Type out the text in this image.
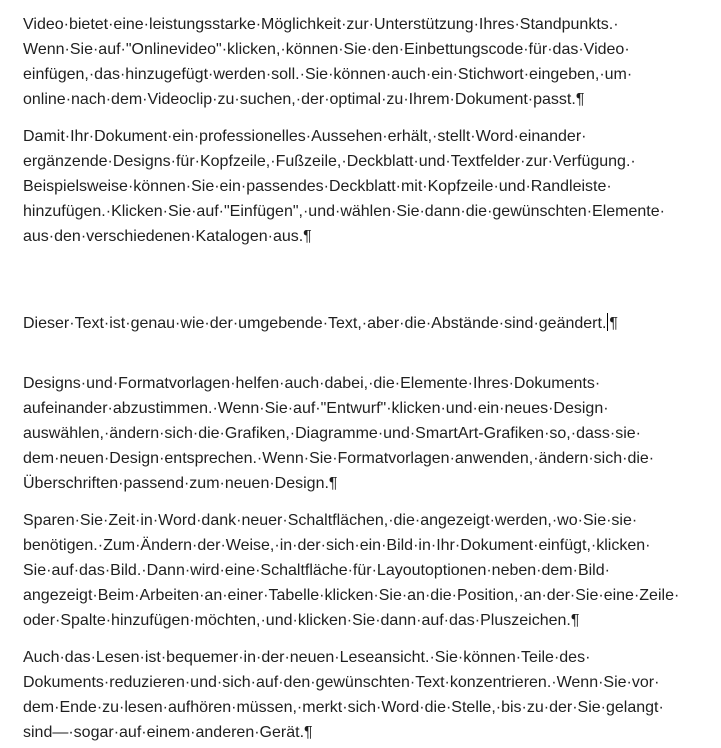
Video·bietet·eine·leistungsstarke·Möglichkeit·zur·Unterstützung·Ihres·Standpunkts.·
Wenn·Sie·auf·"Onlinevideo"·klicken,·können·Sie·den·Einbettungscode·für·das·Video·
einfügen,·das·hinzugefügt·werden·soll.·Sie·können·auch·ein·Stichwort·eingeben,·um·
online·nach·dem·Videoclip·zu·suchen,·der·optimal·zu·Ihrem·Dokument·passt.¶

Damit·Ihr·Dokument·ein·professionelles·Aussehen·erhält,·stellt·Word·einander·
ergänzende·Designs·für·Kopfzeile,·Fußzeile,·Deckblatt·und·Textfelder·zur·Verfügung.·
Beispielsweise·können·Sie·ein·passendes·Deckblatt·mit·Kopfzeile·und·Randleiste·
hinzufügen.·Klicken·Sie·auf·"Einfügen",·und·wählen·Sie·dann·die·gewünschten·Elemente·
aus·den·verschiedenen·Katalogen·aus.¶

Dieser·Text·ist·genau·wie·der·umgebende·Text,·aber·die·Abstände·sind·geändert. ¶

Designs·und·Formatvorlagen·helfen·auch·dabei,·die·Elemente·Ihres·Dokuments·
aufeinander·abzustimmen.·Wenn·Sie·auf·"Entwurf"·klicken·und·ein·neues·Design·
auswählen,·ändern·sich·die·Grafiken,·Diagramme·und·SmartArt-Grafiken·so,·dass·sie·
dem·neuen·Design·entsprechen.·Wenn·Sie·Formatvorlagen·anwenden,·ändern·sich·die·
Überschriften·passend·zum·neuen·Design.¶

Sparen·Sie·Zeit·in·Word·dank·neuer·Schaltflächen,·die·angezeigt·werden,·wo·Sie·sie·
benötigen.·Zum·Ändern·der·Weise,·in·der·sich·ein·Bild·in·Ihr·Dokument·einfügt,·klicken·
Sie·auf·das·Bild.·Dann·wird·eine·Schaltfläche·für·Layoutoptionen·neben·dem·Bild·
angezeigt·Beim·Arbeiten·an·einer·Tabelle·klicken·Sie·an·die·Position,·an·der·Sie·eine·Zeile·
oder·Spalte·hinzufügen·möchten,·und·klicken·Sie·dann·auf·das·Pluszeichen.¶

Auch·das·Lesen·ist·bequemer·in·der·neuen·Leseansicht.·Sie·können·Teile·des·
Dokuments·reduzieren·und·sich·auf·den·gewünschten·Text·konzentrieren.·Wenn·Sie·vor·
dem·Ende·zu·lesen·aufhören·müssen,·merkt·sich·Word·die·Stelle,·bis·zu·der·Sie·gelangt·
sind—·sogar·auf·einem·anderen·Gerät.¶
